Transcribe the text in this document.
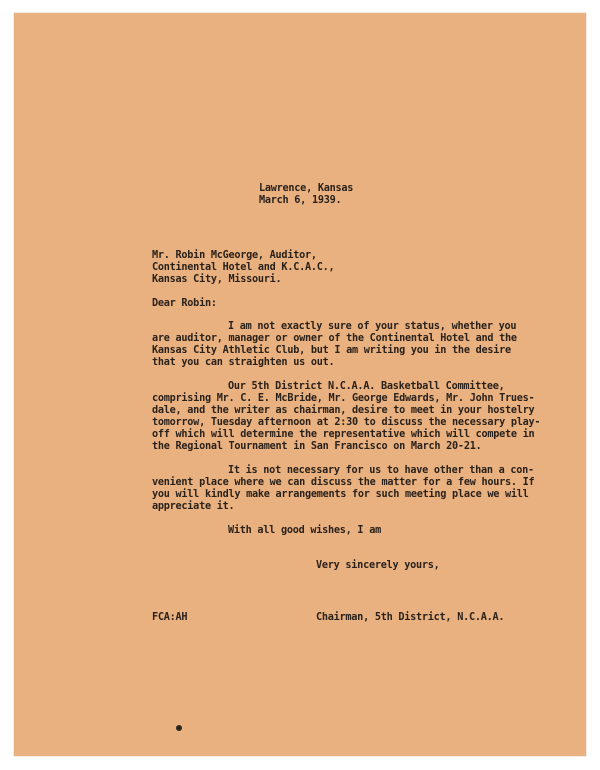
Lawrence, Kansas
March 6, 1939.
Mr. Robin McGeorge, Auditor,
Continental Hotel and K.C.A.C.,
Kansas City, Missouri.
Dear Robin:
I am not exactly sure of your status, whether you
are auditor, manager or owner of the Continental Hotel and the
Kansas City Athletic Club, but I am writing you in the desire
that you can straighten us out.
Our 5th District N.C.A.A. Basketball Committee,
comprising Mr. C. E. McBride, Mr. George Edwards, Mr. John Trues-
dale, and the writer as chairman, desire to meet in your hostelry
tomorrow, Tuesday afternoon at 2:30 to discuss the necessary play-
off which will determine the representative which will compete in
the Regional Tournament in San Francisco on March 20-21.
It is not necessary for us to have other than a con-
venient place where we can discuss the matter for a few hours. If
you will kindly make arrangements for such meeting place we will
appreciate it.
With all good wishes, I am
Very sincerely yours,
FCA:AH	Chairman, 5th District, N.C.A.A.
